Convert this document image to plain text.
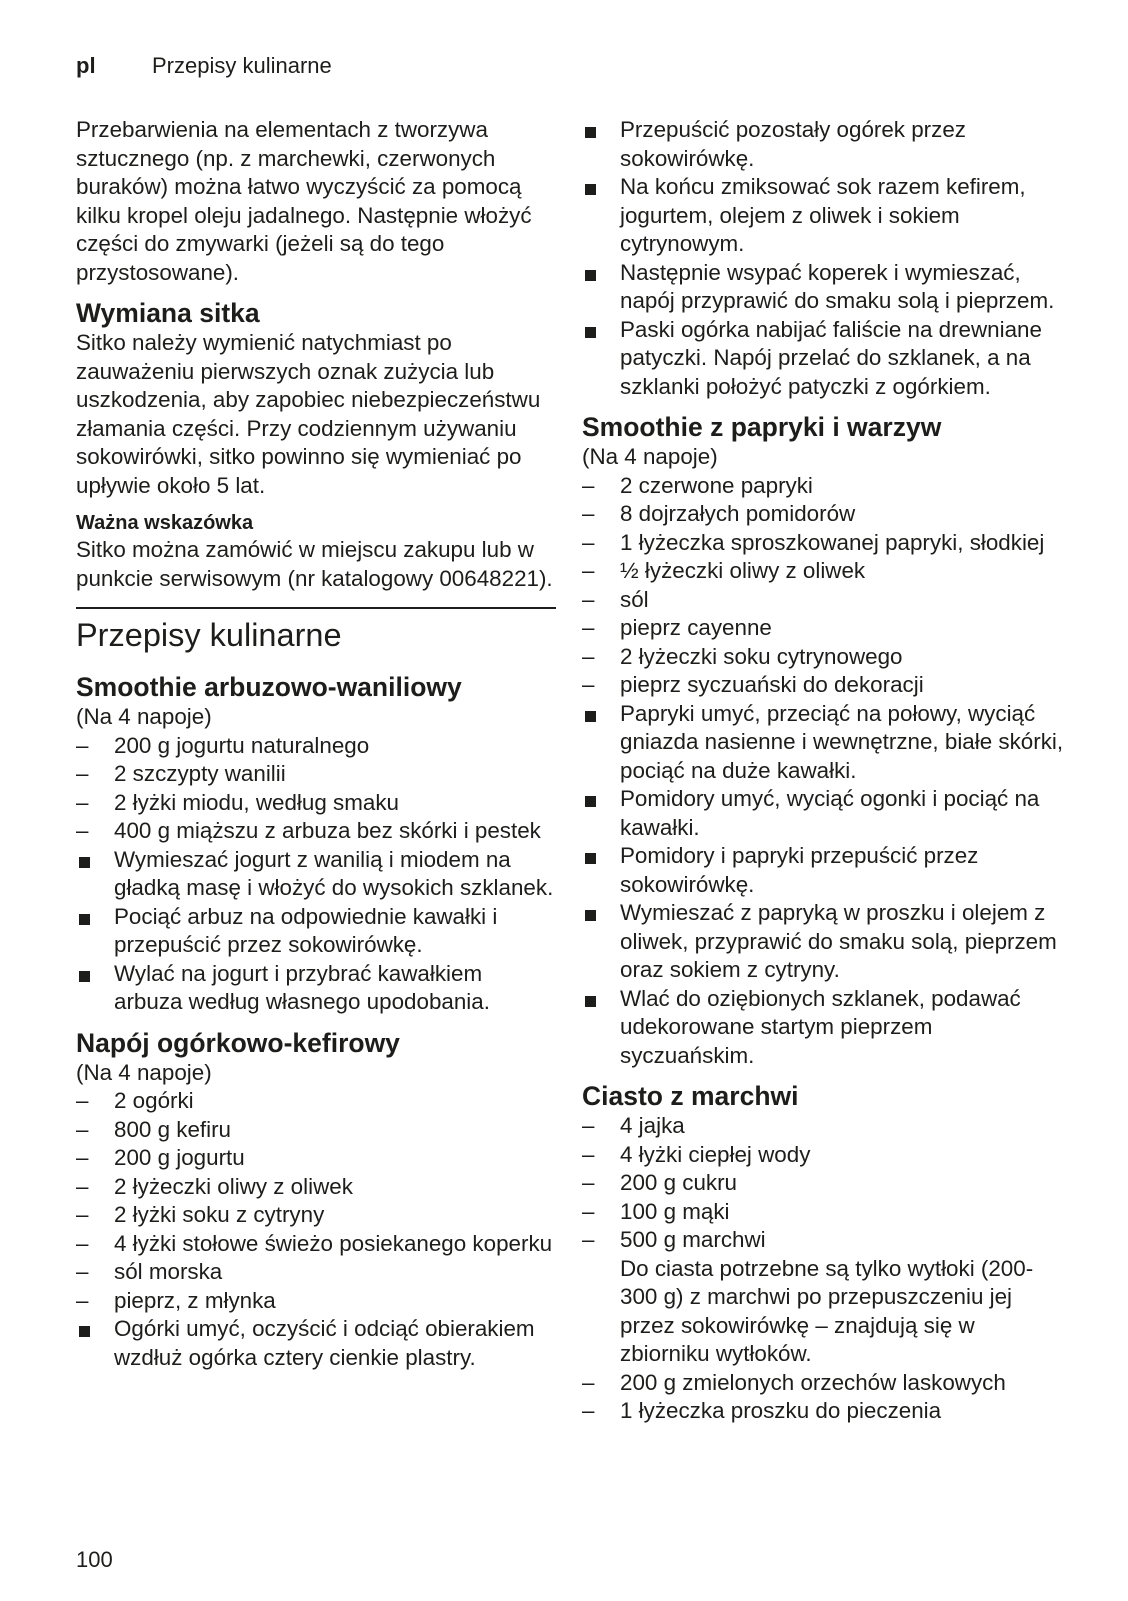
pl	Przepisy kulinarne

Przebarwienia na elementach z tworzywa sztucznego (np. z marchewki, czerwonych buraków) można łatwo wyczyścić za pomocą kilku kropel oleju jadalnego. Następnie włożyć części do zmywarki (jeżeli są do tego przystosowane).

Wymiana sitka

Sitko należy wymienić natychmiast po zauważeniu pierwszych oznak zużycia lub uszkodzenia, aby zapobiec niebezpieczeństwu złamania części. Przy codziennym używaniu sokowirówki, sitko powinno się wymieniać po upływie około 5 lat.

Ważna wskazówka

Sitko można zamówić w miejscu zakupu lub w punkcie serwisowym (nr katalogowy 00648221).

Przepisy kulinarne
Smoothie arbuzowo-waniliowy

(Na 4 napoje)

– 200 g jogurtu naturalnego
– 2 szczypty wanilii
– 2 łyżki miodu, według smaku
– 400 g miąższu z arbuza bez skórki i pestek
Wymieszać jogurt z wanilią i miodem na gładką masę i włożyć do wysokich szklanek.
Pociąć arbuz na odpowiednie kawałki i przepuścić przez sokowirówkę.
Wylać na jogurt i przybrać kawałkiem arbuza według własnego upodobania.
Napój ogórkowo-kefirowy

(Na 4 napoje)

– 2 ogórki
– 800 g kefiru
– 200 g jogurtu
– 2 łyżeczki oliwy z oliwek
– 2 łyżki soku z cytryny
– 4 łyżki stołowe świeżo posiekanego koperku
– sól morska
– pieprz, z młynka
Ogórki umyć, oczyścić i odciąć obierakiem wzdłuż ogórka cztery cienkie plastry.
Przepuścić pozostały ogórek przez sokowirówkę.
Na końcu zmiksować sok razem kefirem, jogurtem, olejem z oliwek i sokiem cytrynowym.
Następnie wsypać koperek i wymieszać, napój przyprawić do smaku solą i pieprzem.
Paski ogórka nabijać faliście na drewniane patyczki. Napój przelać do szklanek, a na szklanki położyć patyczki z ogórkiem.
Smoothie z papryki i warzyw

(Na 4 napoje)

– 2 czerwone papryki
– 8 dojrzałych pomidorów
– 1 łyżeczka sproszkowanej papryki, słodkiej
– ½ łyżeczki oliwy z oliwek
– sól
– pieprz cayenne
– 2 łyżeczki soku cytrynowego
– pieprz syczuański do dekoracji
Papryki umyć, przeciąć na połowy, wyciąć gniazda nasienne i wewnętrzne, białe skórki, pociąć na duże kawałki.
Pomidory umyć, wyciąć ogonki i pociąć na kawałki.
Pomidory i papryki przepuścić przez sokowirówkę.
Wymieszać z papryką w proszku i olejem z oliwek, przyprawić do smaku solą, pieprzem oraz sokiem z cytryny.
Wlać do oziębionych szklanek, podawać udekorowane startym pieprzem syczuańskim.
Ciasto z marchwi
– 4 jajka
– 4 łyżki ciepłej wody
– 200 g cukru
– 100 g mąki
– 500 g marchwi
Do ciasta potrzebne są tylko wytłoki (200-300 g) z marchwi po przepuszczeniu jej przez sokowirówkę – znajdują się w zbiorniku wytłoków.
– 200 g zmielonych orzechów laskowych
– 1 łyżeczka proszku do pieczenia
100
